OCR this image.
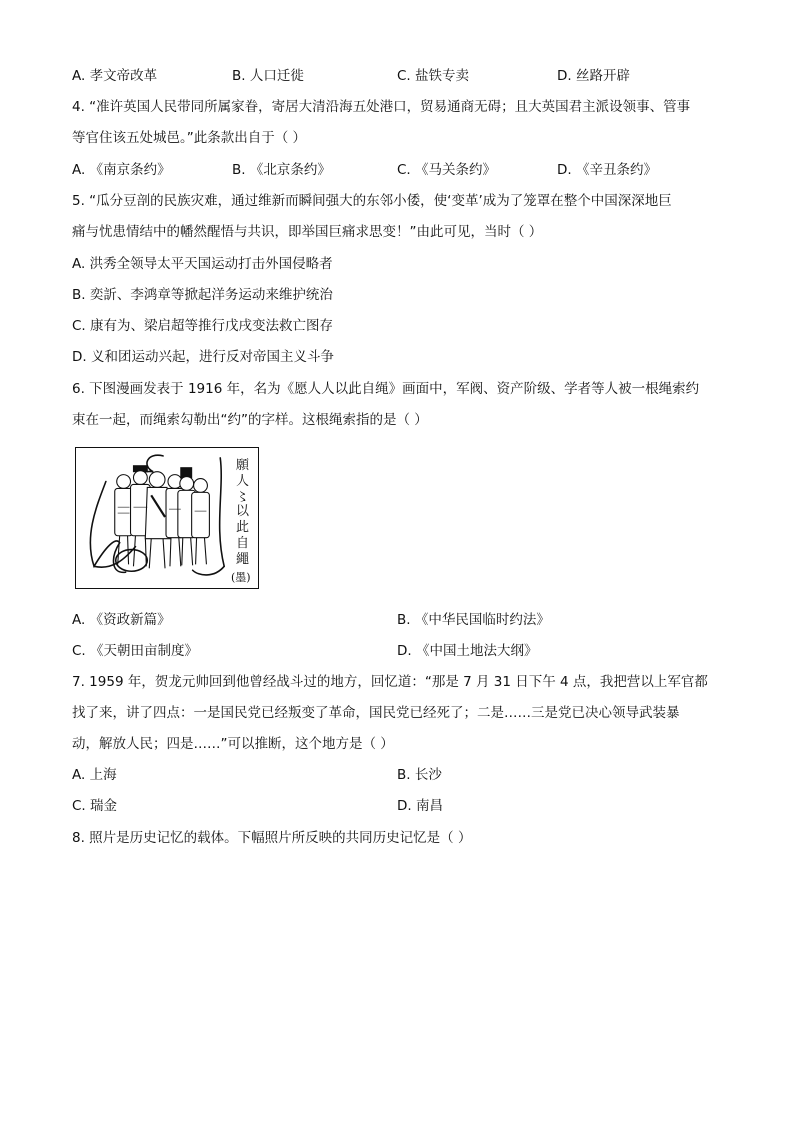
A. 孝文帝改革	B. 人口迁徙	C. 盐铁专卖	D. 丝路开辟
4. “准许英国人民带同所属家眷，寄居大清沿海五处港口，贸易通商无碍；且大英国君主派设领事、管事
等官住该五处城邑。”此条款出自于（ ）
A. 《南京条约》	B. 《北京条约》	C. 《马关条约》	D. 《辛丑条约》
5. “瓜分豆剖的民族灾难，通过维新而瞬间强大的东邻小倭，使‘变革’成为了笼罩在整个中国深深地巨
痛与忧患情结中的幡然醒悟与共识，即举国巨痛求思变！”由此可见，当时（ ）
A. 洪秀全领导太平天国运动打击外国侵略者
B. 奕訢、李鸿章等掀起洋务运动来维护统治
C. 康有为、梁启超等推行戊戌变法救亡图存
D. 义和团运动兴起，进行反对帝国主义斗争
6. 下图漫画发表于 1916 年，名为《愿人人以此自绳》画面中，军阀、资产阶级、学者等人被一根绳索约
束在一起，而绳索勾勒出“约”的字样。这根绳索指的是（ ）
願
人
〻
以
此
自
繩
(墨)
A. 《资政新篇》	B. 《中华民国临时约法》
C. 《天朝田亩制度》	D. 《中国土地法大纲》
7. 1959 年，贺龙元帅回到他曾经战斗过的地方，回忆道：“那是 7 月 31 日下午 4 点，我把营以上军官都
找了来，讲了四点：一是国民党已经叛变了革命，国民党已经死了；二是……三是党已决心领导武装暴
动，解放人民；四是……”可以推断，这个地方是（ ）
A. 上海	B. 长沙
C. 瑞金	D. 南昌
8. 照片是历史记忆的载体。下幅照片所反映的共同历史记忆是（ ）
